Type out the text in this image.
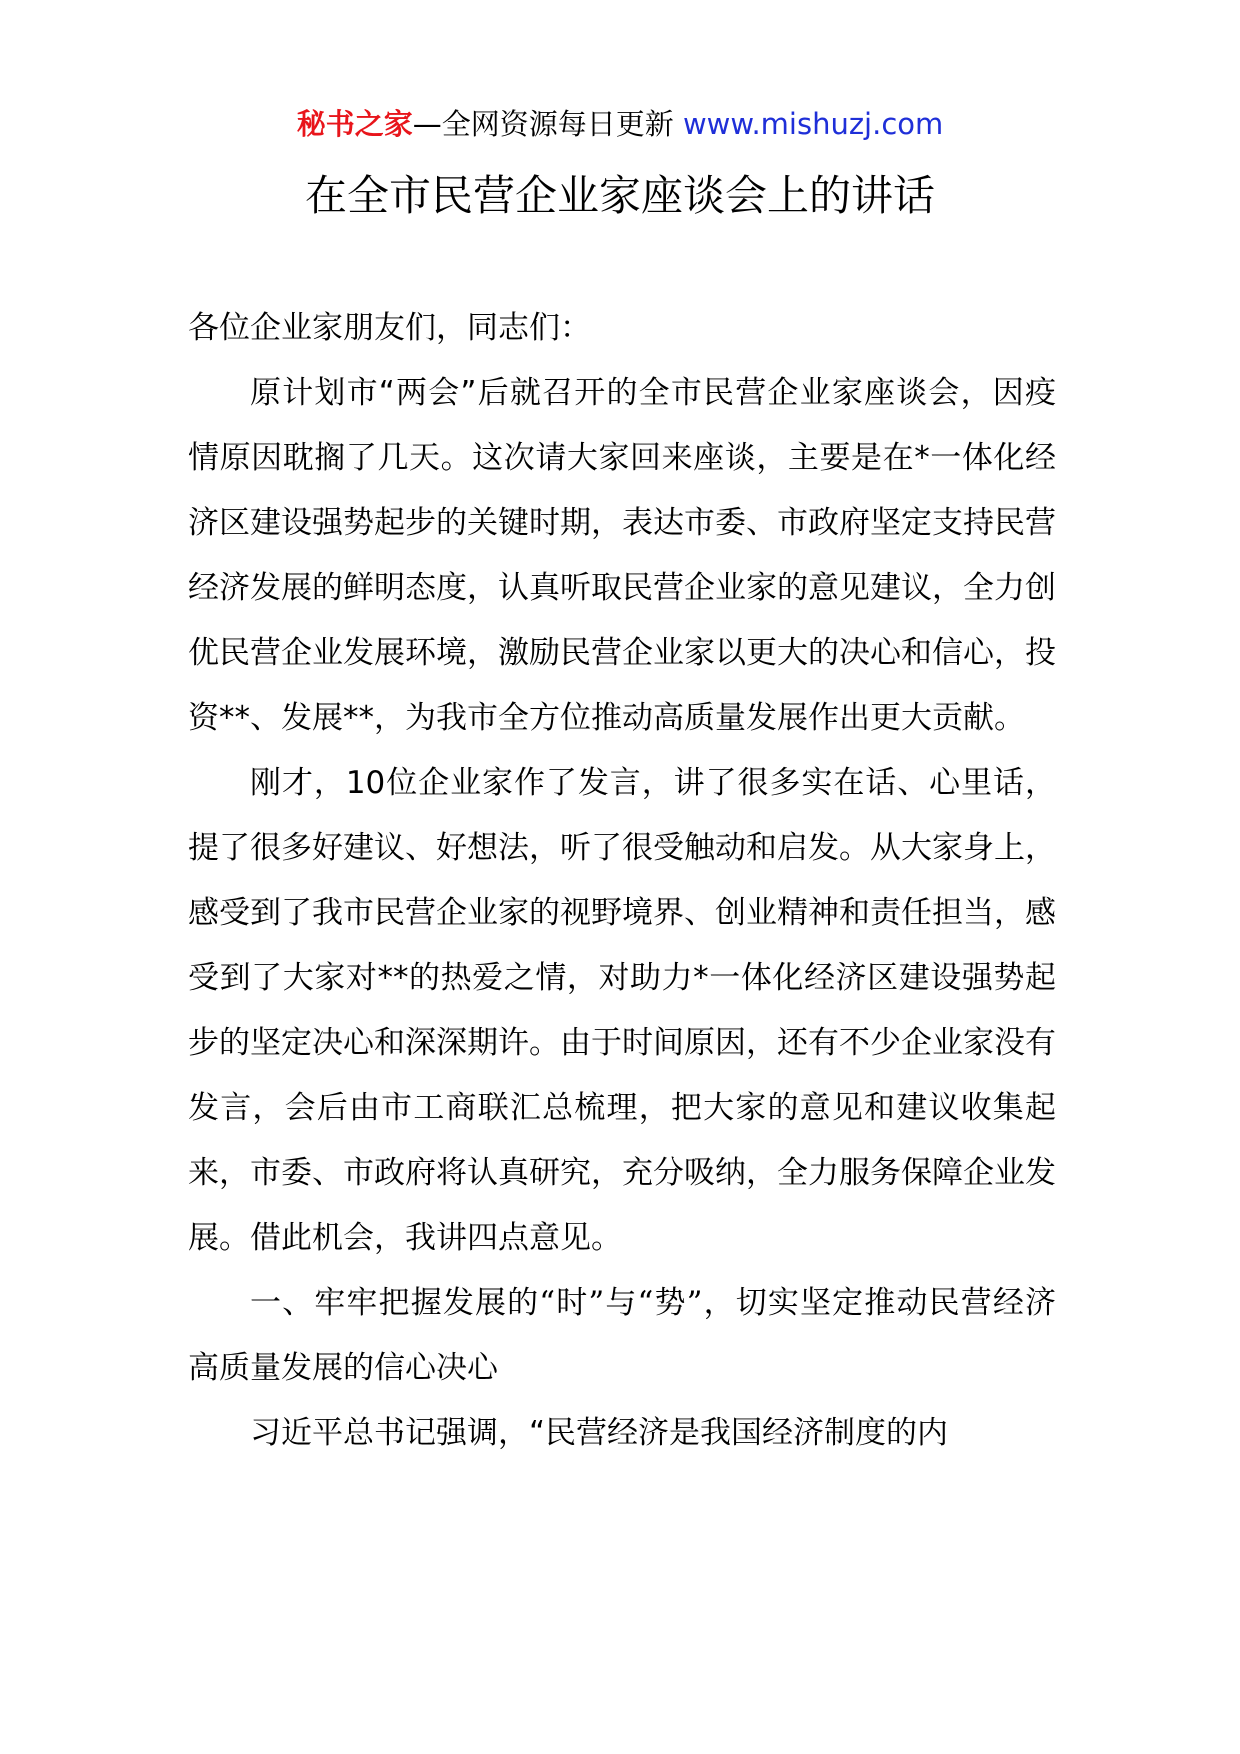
秘书之家—全网资源每日更新 www.mishuzj.com
在全市民营企业家座谈会上的讲话

各位企业家朋友们，同志们：

原计划市“两会”后就召开的全市民营企业家座谈会，因疫情原因耽搁了几天。这次请大家回来座谈，主要是在*一体化经济区建设强势起步的关键时期，表达市委、市政府坚定支持民营经济发展的鲜明态度，认真听取民营企业家的意见建议，全力创优民营企业发展环境，激励民营企业家以更大的决心和信心，投资**、发展**，为我市全方位推动高质量发展作出更大贡献。

刚才，10位企业家作了发言，讲了很多实在话、心里话，提了很多好建议、好想法，听了很受触动和启发。从大家身上，感受到了我市民营企业家的视野境界、创业精神和责任担当，感受到了大家对**的热爱之情，对助力*一体化经济区建设强势起步的坚定决心和深深期许。由于时间原因，还有不少企业家没有发言，会后由市工商联汇总梳理，把大家的意见和建议收集起来，市委、市政府将认真研究，充分吸纳，全力服务保障企业发展。借此机会，我讲四点意见。

一、牢牢把握发展的“时”与“势”，切实坚定推动民营经济高质量发展的信心决心

习近平总书记强调，“民营经济是我国经济制度的内
